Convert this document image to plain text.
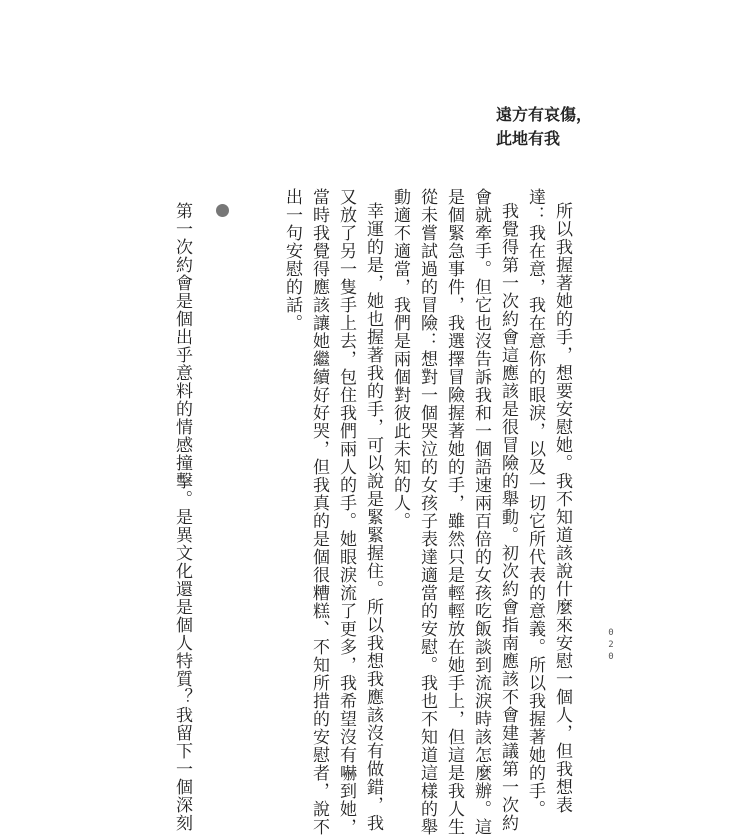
遠方有哀傷，
此地有我
所以我握著她的手，想要安慰她。我不知道該說什麼來安慰一個人，但我想表
達：我在意，我在意你的眼淚，以及一切它所代表的意義。所以我握著她的手。
我覺得第一次約會這應該是很冒險的舉動。初次約會指南應該不會建議第一次約
會就牽手。但它也沒告訴我和一個語速兩百倍的女孩吃飯談到流淚時該怎麼辦。這
是個緊急事件，我選擇冒險握著她的手，雖然只是輕輕放在她手上，但這是我人生
從未嘗試過的冒險：想對一個哭泣的女孩子表達適當的安慰。我也不知道這樣的舉
動適不適當，我們是兩個對彼此未知的人。
幸運的是，她也握著我的手，可以說是緊緊握住。所以我想我應該沒有做錯，我
又放了另一隻手上去，包住我們兩人的手。她眼淚流了更多，我希望沒有嚇到她，
當時我覺得應該讓她繼續好好哭，但我真的是個很糟糕、不知所措的安慰者，說不
出一句安慰的話。
第一次約會是個出乎意料的情感撞擊。是異文化還是個人特質？我留下一個深刻	0
2
0
